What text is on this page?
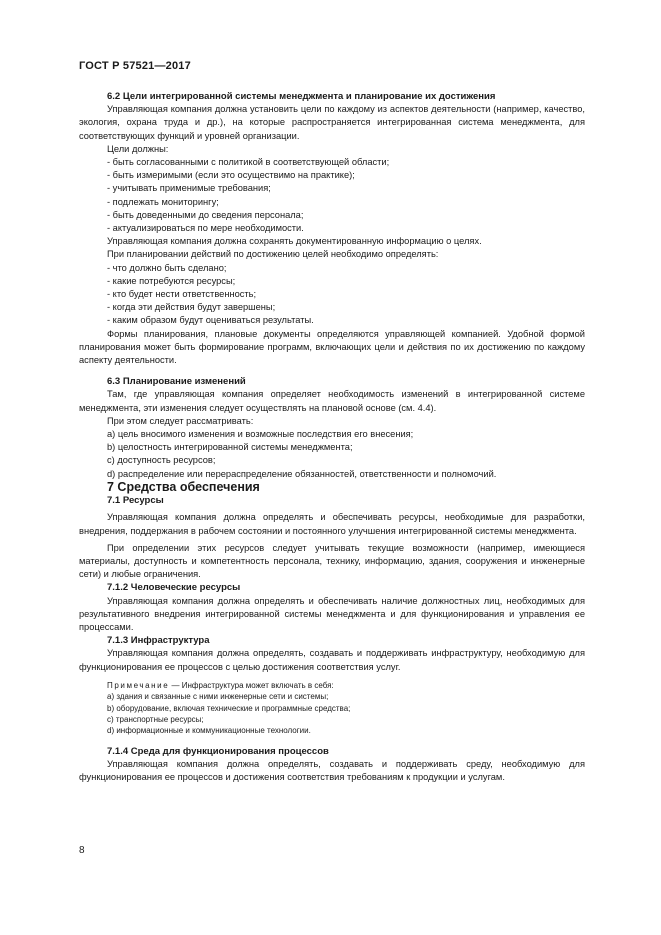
ГОСТ Р 57521—2017

6.2 Цели интегрированной системы менеджмента и планирование их достижения

Управляющая компания должна установить цели по каждому из аспектов деятельности (например, качество, экология, охрана труда и др.), на которые распространяется интегрированная система менеджмента, для соответствующих функций и уровней организации.

Цели должны:

- быть согласованными с политикой в соответствующей области;

- быть измеримыми (если это осуществимо на практике);

- учитывать применимые требования;

- подлежать мониторингу;

- быть доведенными до сведения персонала;

- актуализироваться по мере необходимости.

Управляющая компания должна сохранять документированную информацию о целях.

При планировании действий по достижению целей необходимо определять:

- что должно быть сделано;

- какие потребуются ресурсы;

- кто будет нести ответственность;

- когда эти действия будут завершены;

- каким образом будут оцениваться результаты.

Формы планирования, плановые документы определяются управляющей компанией. Удобной формой планирования может быть формирование программ, включающих цели и действия по их достижению по каждому аспекту деятельности.

6.3 Планирование изменений

Там, где управляющая компания определяет необходимость изменений в интегрированной системе менеджмента, эти изменения следует осуществлять на плановой основе (см. 4.4).

При этом следует рассматривать:

а) цель вносимого изменения и возможные последствия его внесения;

b) целостность интегрированной системы менеджмента;

c) доступность ресурсов;

d) распределение или перераспределение обязанностей, ответственности и полномочий.

7 Средства обеспечения

7.1 Ресурсы

Управляющая компания должна определять и обеспечивать ресурсы, необходимые для разработки, внедрения, поддержания в рабочем состоянии и постоянного улучшения интегрированной системы менеджмента.

При определении этих ресурсов следует учитывать текущие возможности (например, имеющиеся материалы, доступность и компетентность персонала, технику, информацию, здания, сооружения и инженерные сети) и любые ограничения.

7.1.2 Человеческие ресурсы

Управляющая компания должна определять и обеспечивать наличие должностных лиц, необходимых для результативного внедрения интегрированной системы менеджмента и для функционирования и управления ее процессами.

7.1.3 Инфраструктура

Управляющая компания должна определять, создавать и поддерживать инфраструктуру, необходимую для функционирования ее процессов с целью достижения соответствия услуг.

Примечание — Инфраструктура может включать в себя:

а) здания и связанные с ними инженерные сети и системы;

b) оборудование, включая технические и программные средства;

c) транспортные ресурсы;

d) информационные и коммуникационные технологии.

7.1.4 Среда для функционирования процессов

Управляющая компания должна определять, создавать и поддерживать среду, необходимую для функционирования ее процессов и достижения соответствия требованиям к продукции и услугам.

8
